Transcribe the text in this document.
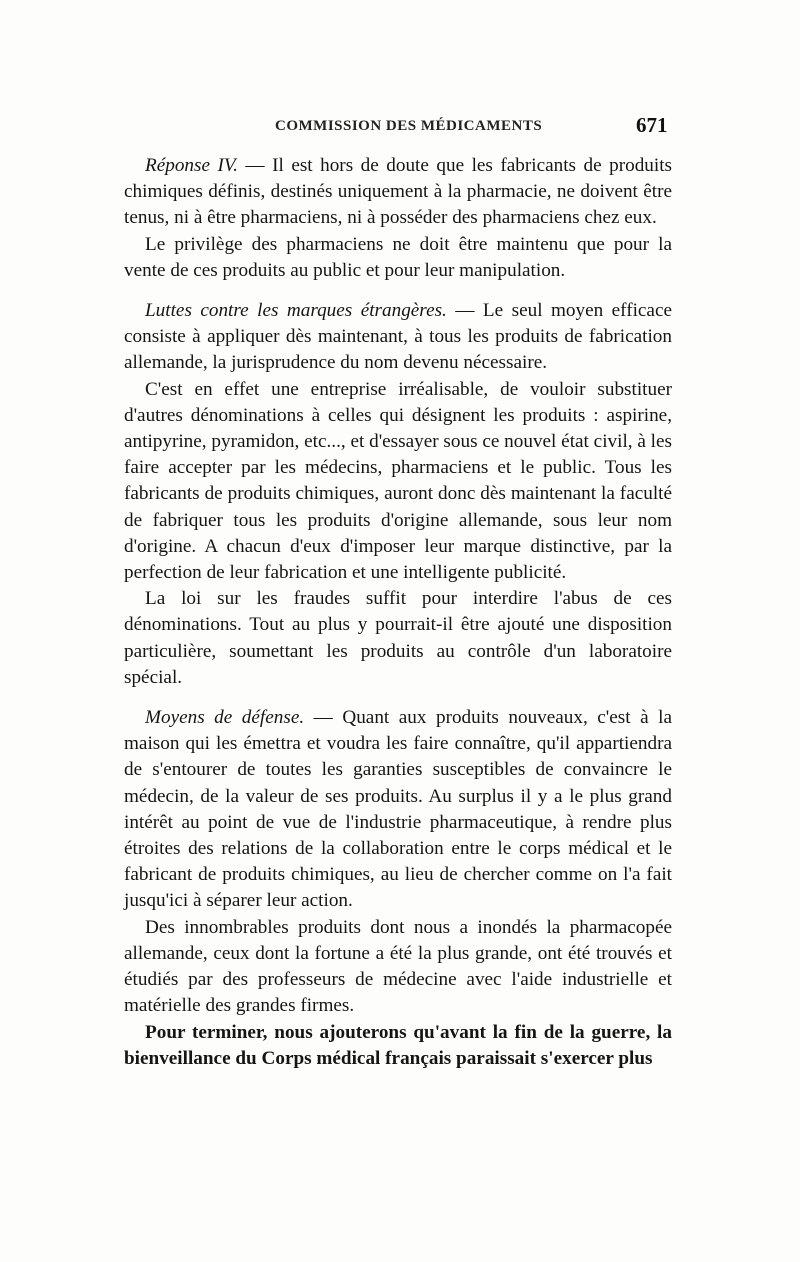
COMMISSION DES MÉDICAMENTS	671

Réponse IV. — Il est hors de doute que les fabricants de produits chimiques définis, destinés uniquement à la pharmacie, ne doivent être tenus, ni à être pharmaciens, ni à posséder des pharmaciens chez eux.

Le privilège des pharmaciens ne doit être maintenu que pour la vente de ces produits au public et pour leur manipulation.

Luttes contre les marques étrangères. — Le seul moyen efficace consiste à appliquer dès maintenant, à tous les produits de fabrication allemande, la jurisprudence du nom devenu nécessaire.

C'est en effet une entreprise irréalisable, de vouloir substituer d'autres dénominations à celles qui désignent les produits : aspirine, antipyrine, pyramidon, etc..., et d'essayer sous ce nouvel état civil, à les faire accepter par les médecins, pharmaciens et le public. Tous les fabricants de produits chimiques, auront donc dès maintenant la faculté de fabriquer tous les produits d'origine allemande, sous leur nom d'origine. A chacun d'eux d'imposer leur marque distinctive, par la perfection de leur fabrication et une intelligente publicité.

La loi sur les fraudes suffit pour interdire l'abus de ces dénominations. Tout au plus y pourrait-il être ajouté une disposition particulière, soumettant les produits au contrôle d'un laboratoire spécial.

Moyens de défense. — Quant aux produits nouveaux, c'est à la maison qui les émettra et voudra les faire connaître, qu'il appartiendra de s'entourer de toutes les garanties susceptibles de convaincre le médecin, de la valeur de ses produits. Au surplus il y a le plus grand intérêt au point de vue de l'industrie pharmaceutique, à rendre plus étroites des relations de la collaboration entre le corps médical et le fabricant de produits chimiques, au lieu de chercher comme on l'a fait jusqu'ici à séparer leur action.

Des innombrables produits dont nous a inondés la pharmacopée allemande, ceux dont la fortune a été la plus grande, ont été trouvés et étudiés par des professeurs de médecine avec l'aide industrielle et matérielle des grandes firmes.

Pour terminer, nous ajouterons qu'avant la fin de la guerre, la bienveillance du Corps médical français paraissait s'exercer plus
